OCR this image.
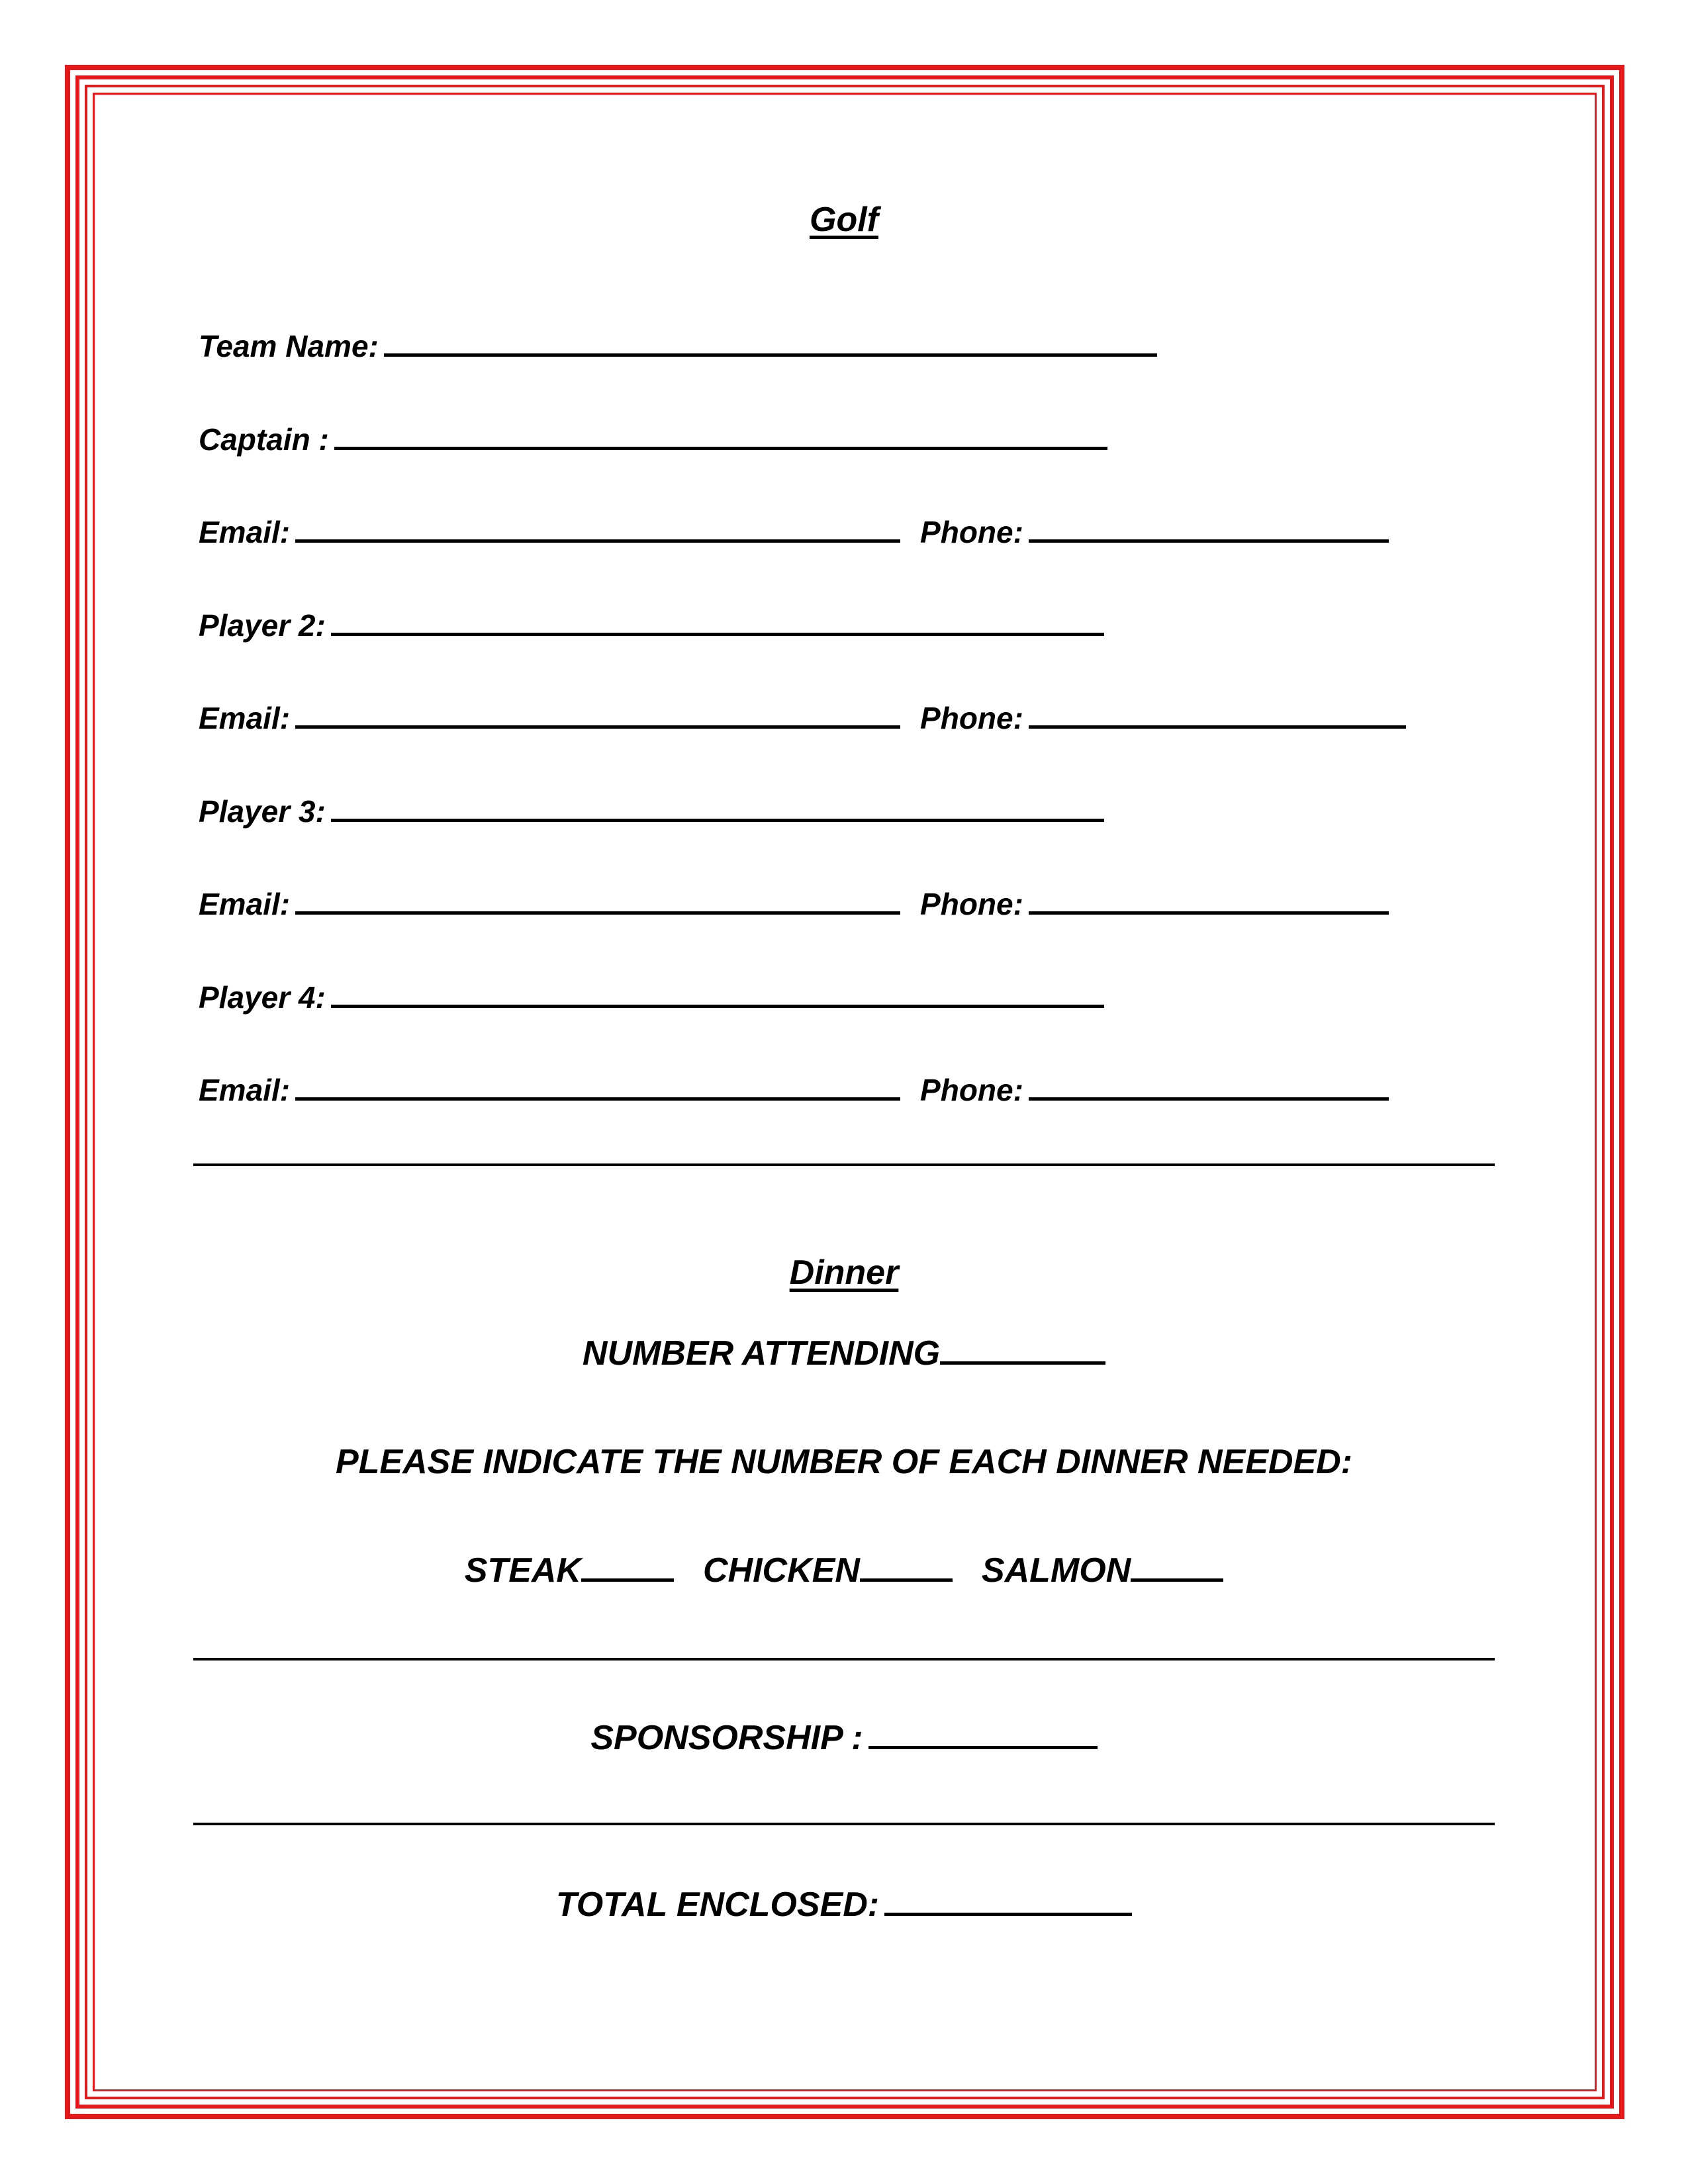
Golf
Team Name:
Captain :
Email:	Phone:
Player 2:
Email:	Phone:
Player 3:
Email:	Phone:
Player 4:
Email:	Phone:
Dinner
NUMBER ATTENDING
PLEASE INDICATE THE NUMBER OF EACH DINNER NEEDED:
STEAK	CHICKEN	SALMON
SPONSORSHIP :
TOTAL ENCLOSED:
